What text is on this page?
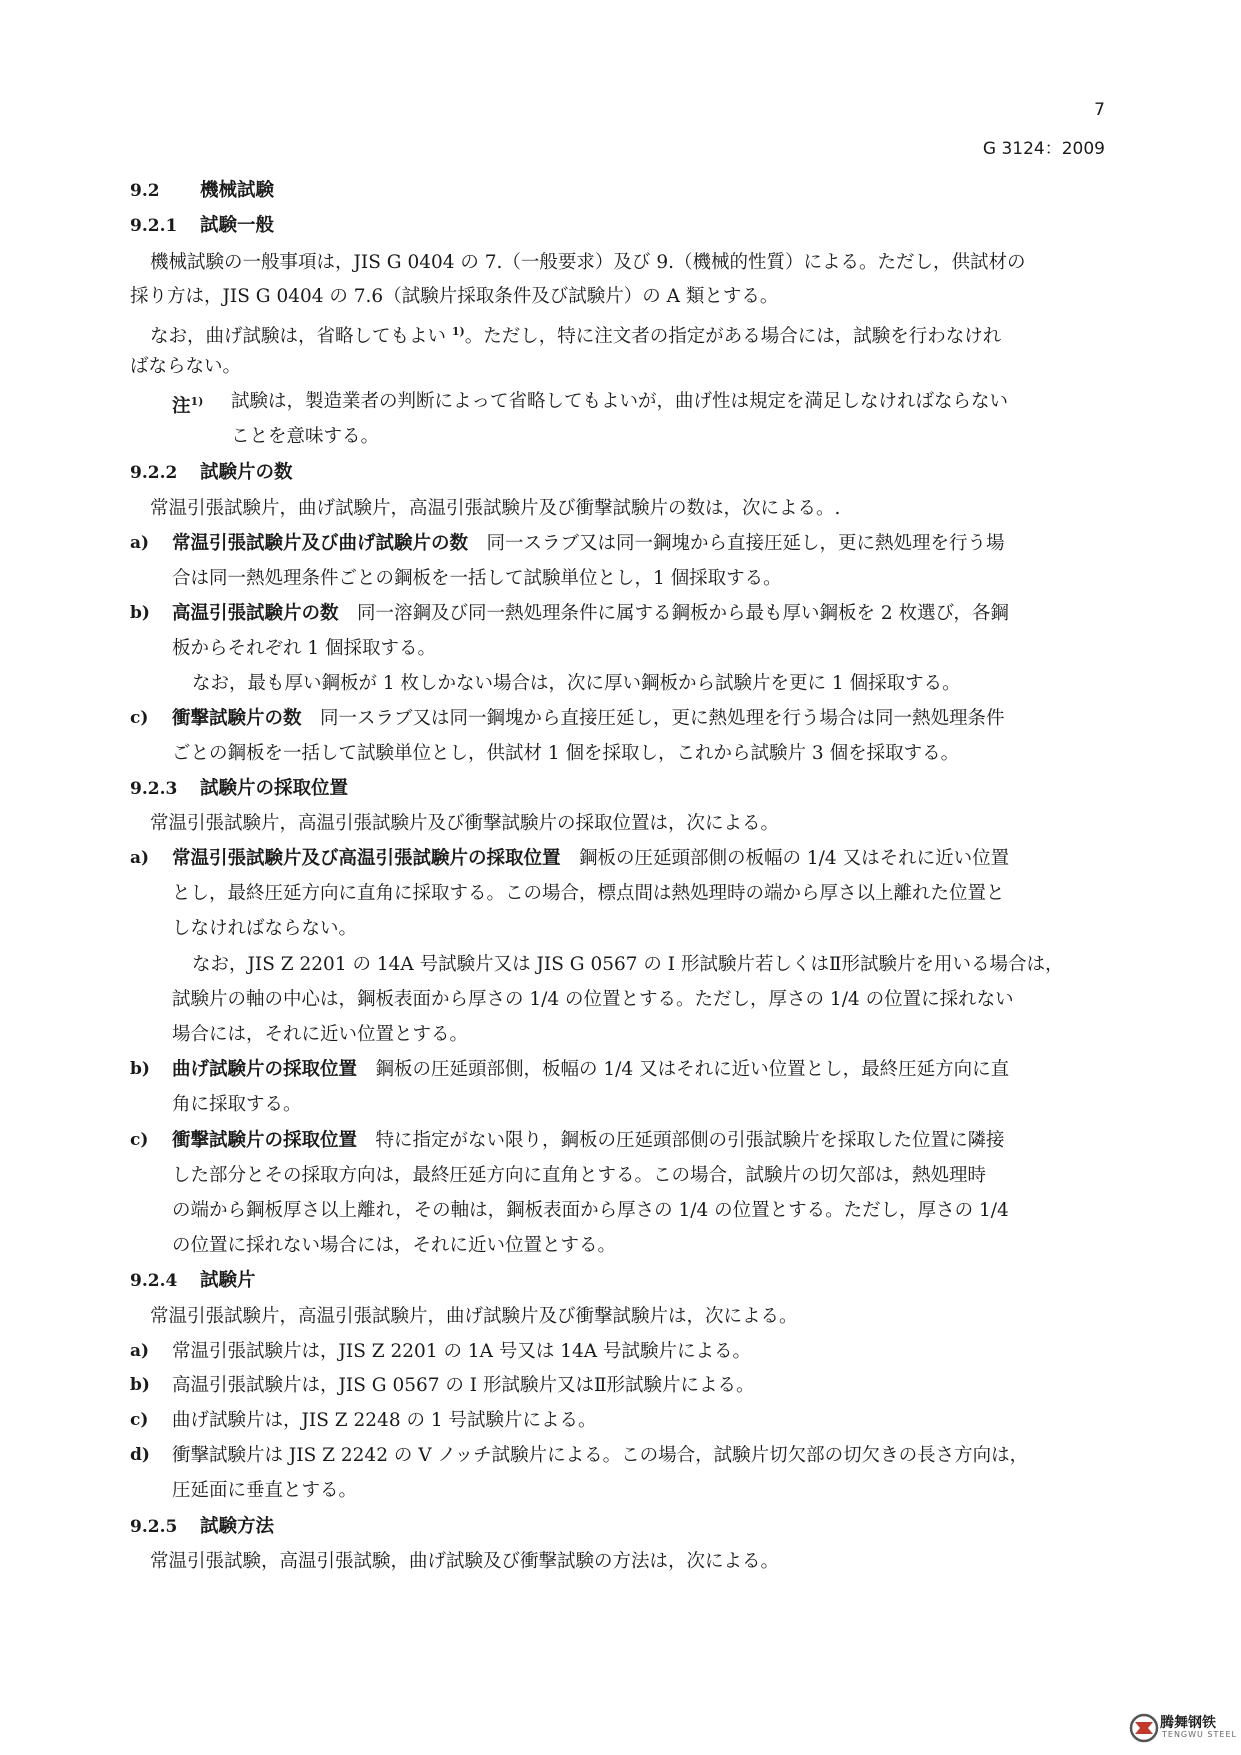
7
G 3124：2009
9.2 機械試験
9.2.1 試験一般
機械試験の一般事項は，JIS G 0404 の 7.（一般要求）及び 9.（機械的性質）による。ただし，供試材の
採り方は，JIS G 0404 の 7.6（試験片採取条件及び試験片）の A 類とする。
なお，曲げ試験は，省略してもよい $^{1)}$。ただし，特に注文者の指定がある場合には，試験を行わなけれ
ばならない。
注$^{1)}$ 試験は，製造業者の判断によって省略してもよいが，曲げ性は規定を満足しなければならない
ことを意味する。
9.2.2 試験片の数
常温引張試験片，曲げ試験片，高温引張試験片及び衝撃試験片の数は，次による。.
a) 常温引張試験片及び曲げ試験片の数　 同一スラブ又は同一鋼塊から直接圧延し，更に熱処理を行う場
合は同一熱処理条件ごとの鋼板を一括して試験単位とし，1 個採取する。
b) 高温引張試験片の数　 同一溶鋼及び同一熱処理条件に属する鋼板から最も厚い鋼板を 2 枚選び，各鋼
板からそれぞれ 1 個採取する。
なお，最も厚い鋼板が 1 枚しかない場合は，次に厚い鋼板から試験片を更に 1 個採取する。
c) 衝撃試験片の数　 同一スラブ又は同一鋼塊から直接圧延し，更に熱処理を行う場合は同一熱処理条件
ごとの鋼板を一括して試験単位とし，供試材 1 個を採取し，これから試験片 3 個を採取する。
9.2.3 試験片の採取位置
常温引張試験片，高温引張試験片及び衝撃試験片の採取位置は，次による。
a) 常温引張試験片及び高温引張試験片の採取位置　 鋼板の圧延頭部側の板幅の 1/4 又はそれに近い位置
とし，最終圧延方向に直角に採取する。この場合，標点間は熱処理時の端から厚さ以上離れた位置と
しなければならない。
なお，JIS Z 2201 の 14A 号試験片又は JIS G 0567 の I 形試験片若しくはⅡ形試験片を用いる場合は，
試験片の軸の中心は，鋼板表面から厚さの 1/4 の位置とする。ただし，厚さの 1/4 の位置に採れない
場合には，それに近い位置とする。
b) 曲げ試験片の採取位置　 鋼板の圧延頭部側，板幅の 1/4 又はそれに近い位置とし，最終圧延方向に直
角に採取する。
c) 衝撃試験片の採取位置　 特に指定がない限り，鋼板の圧延頭部側の引張試験片を採取した位置に隣接
した部分とその採取方向は，最終圧延方向に直角とする。この場合，試験片の切欠部は，熱処理時
の端から鋼板厚さ以上離れ，その軸は，鋼板表面から厚さの 1/4 の位置とする。ただし，厚さの 1/4
の位置に採れない場合には，それに近い位置とする。
9.2.4 試験片
常温引張試験片，高温引張試験片，曲げ試験片及び衝撃試験片は，次による。
a) 常温引張試験片は，JIS Z 2201 の 1A 号又は 14A 号試験片による。
b) 高温引張試験片は，JIS G 0567 の I 形試験片又はⅡ形試験片による。
c) 曲げ試験片は，JIS Z 2248 の 1 号試験片による。
d) 衝撃試験片は JIS Z 2242 の V ノッチ試験片による。この場合，試験片切欠部の切欠きの長さ方向は，
圧延面に垂直とする。
9.2.5 試験方法
常温引張試験，高温引張試験，曲げ試験及び衝撃試験の方法は，次による。
腾舞钢铁
TENGWU STEEL
